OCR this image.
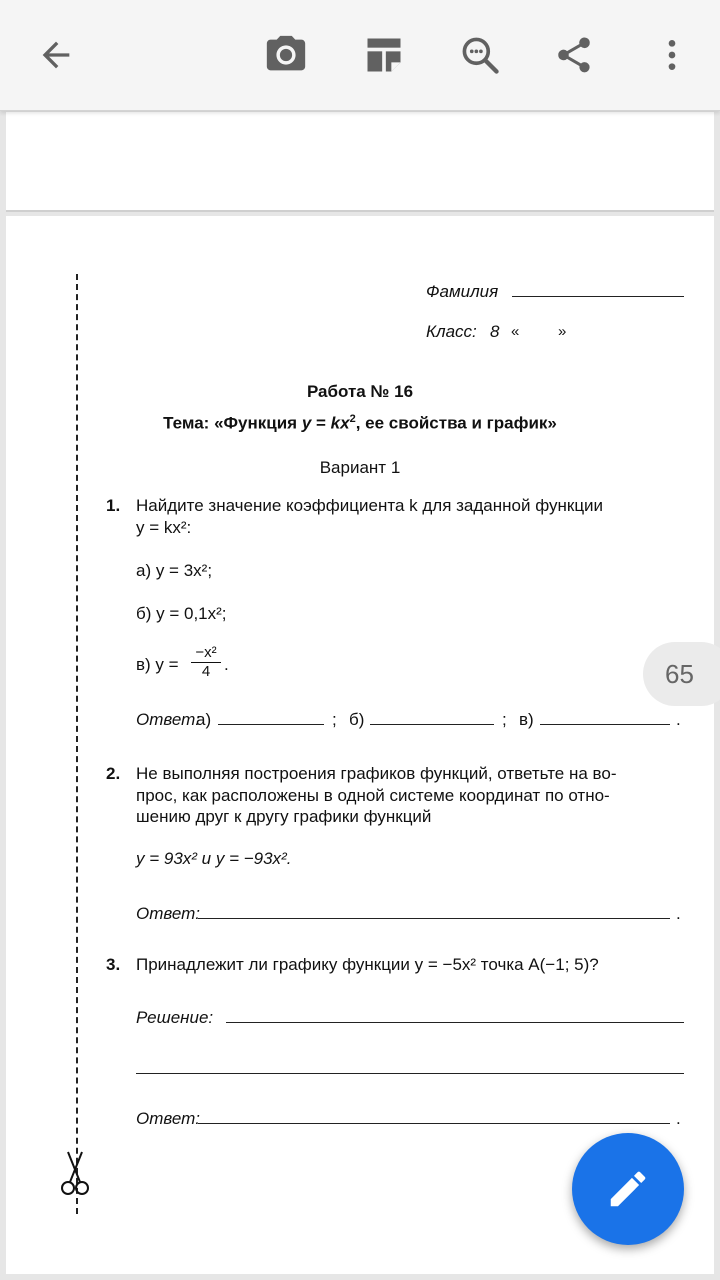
Фамилия
Класс: 8 «	»
Работа № 16
Тема: «Функция $y = kx^2$, ее свойства и график»
Вариант 1
1. Найдите значение коэффициента k для заданной функции
y = kx²:
а) y = 3x²;
б) y = 0,1x²;
в) $y = \frac{\text{−x²}}{4}$ .
Ответ:
а)	; б)	; в)	.
2. Не выполняя построения графиков функций, ответьте на во-
прос, как расположены в одной системе координат по отно-
шению друг к другу графики функций
y = 93x² и y = −93x².
Ответ:	.
3. Принадлежит ли графику функции y = −5x² точка A(−1; 5)?
Решение:
Ответ:	.
65
